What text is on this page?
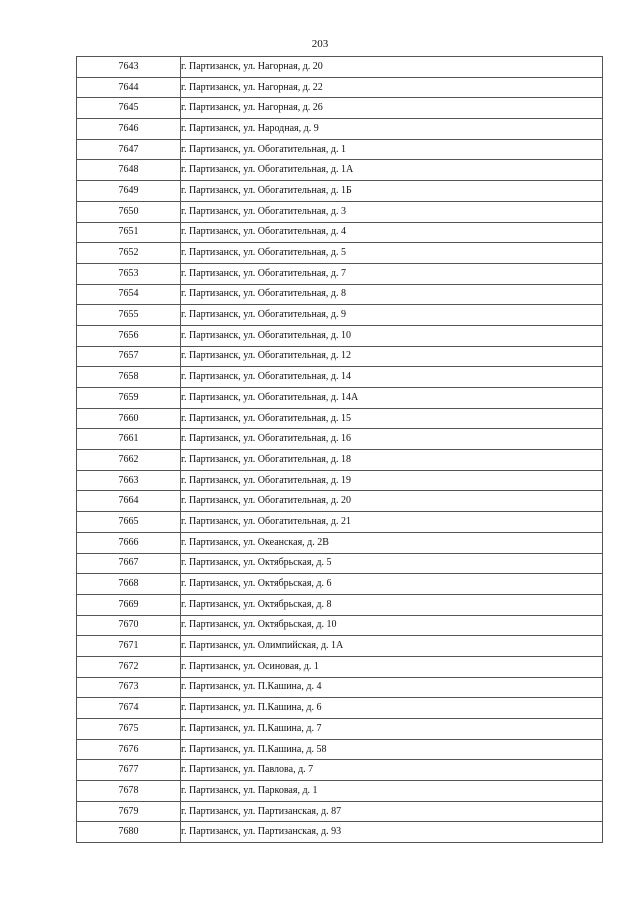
203
7643	г. Партизанск, ул. Нагорная, д. 20
7644	г. Партизанск, ул. Нагорная, д. 22
7645	г. Партизанск, ул. Нагорная, д. 26
7646	г. Партизанск, ул. Народная, д. 9
7647	г. Партизанск, ул. Обогатительная, д. 1
7648	г. Партизанск, ул. Обогатительная, д. 1А
7649	г. Партизанск, ул. Обогатительная, д. 1Б
7650	г. Партизанск, ул. Обогатительная, д. 3
7651	г. Партизанск, ул. Обогатительная, д. 4
7652	г. Партизанск, ул. Обогатительная, д. 5
7653	г. Партизанск, ул. Обогатительная, д. 7
7654	г. Партизанск, ул. Обогатительная, д. 8
7655	г. Партизанск, ул. Обогатительная, д. 9
7656	г. Партизанск, ул. Обогатительная, д. 10
7657	г. Партизанск, ул. Обогатительная, д. 12
7658	г. Партизанск, ул. Обогатительная, д. 14
7659	г. Партизанск, ул. Обогатительная, д. 14А
7660	г. Партизанск, ул. Обогатительная, д. 15
7661	г. Партизанск, ул. Обогатительная, д. 16
7662	г. Партизанск, ул. Обогатительная, д. 18
7663	г. Партизанск, ул. Обогатительная, д. 19
7664	г. Партизанск, ул. Обогатительная, д. 20
7665	г. Партизанск, ул. Обогатительная, д. 21
7666	г. Партизанск, ул. Океанская, д. 2В
7667	г. Партизанск, ул. Октябрьская, д. 5
7668	г. Партизанск, ул. Октябрьская, д. 6
7669	г. Партизанск, ул. Октябрьская, д. 8
7670	г. Партизанск, ул. Октябрьская, д. 10
7671	г. Партизанск, ул. Олимпийская, д. 1А
7672	г. Партизанск, ул. Осиновая, д. 1
7673	г. Партизанск, ул. П.Кашина, д. 4
7674	г. Партизанск, ул. П.Кашина, д. 6
7675	г. Партизанск, ул. П.Кашина, д. 7
7676	г. Партизанск, ул. П.Кашина, д. 58
7677	г. Партизанск, ул. Павлова, д. 7
7678	г. Партизанск, ул. Парковая, д. 1
7679	г. Партизанск, ул. Партизанская, д. 87
7680	г. Партизанск, ул. Партизанская, д. 93
